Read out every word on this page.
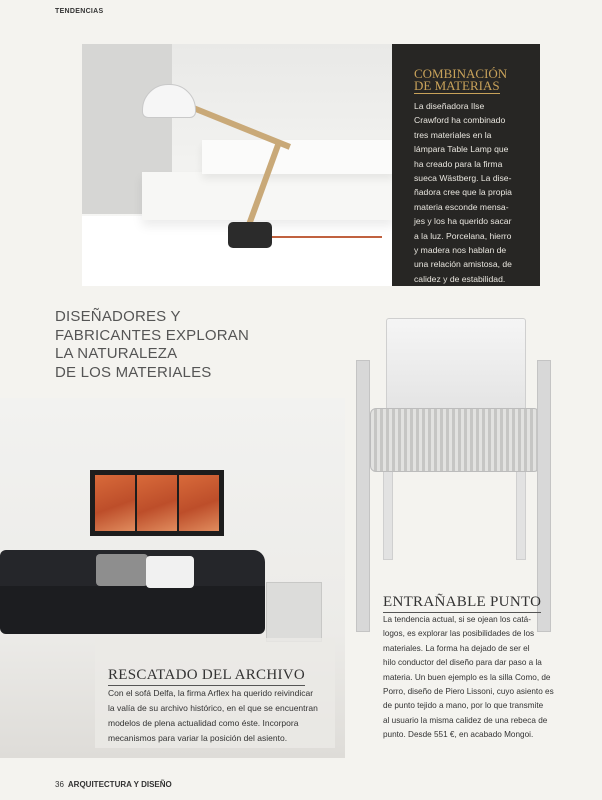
TENDENCIAS
COMBINACIÓN
DE MATERIAS
La diseñadora Ilse
Crawford ha combinado
tres materiales en la
lámpara Table Lamp que
ha creado para la firma
sueca Wästberg. La dise-
ñadora cree que la propia
materia esconde mensa-
jes y los ha querido sacar
a la luz. Porcelana, hierro
y madera nos hablan de
una relación amistosa, de
calidez y de estabilidad.
DISEÑADORES Y
FABRICANTES EXPLORAN
LA NATURALEZA
DE LOS MATERIALES
RESCATADO DEL ARCHIVO
Con el sofá Delfa, la firma Arflex ha querido reivindicar
la valía de su archivo histórico, en el que se encuentran
modelos de plena actualidad como éste. Incorpora
mecanismos para variar la posición del asiento.
ENTRAÑABLE PUNTO
La tendencia actual, si se ojean los catá-
logos, es explorar las posibilidades de los
materiales. La forma ha dejado de ser el
hilo conductor del diseño para dar paso a la
materia. Un buen ejemplo es la silla Como, de
Porro, diseño de Piero Lissoni, cuyo asiento es
de punto tejido a mano, por lo que transmite
al usuario la misma calidez de una rebeca de
punto. Desde 551 €, en acabado Mongoi.
36 ARQUITECTURA Y DISEÑO
